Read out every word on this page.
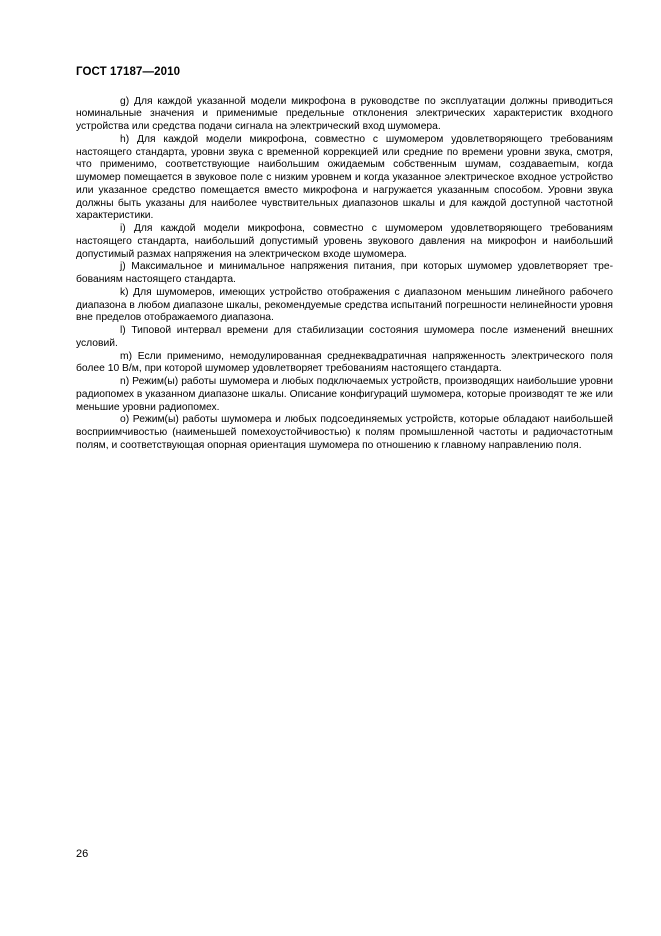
ГОСТ 17187—2010

g) Для каждой указанной модели микрофона в руководстве по эксплуатации должны приводиться номинальные значения и применимые предельные отклонения электрических характеристик входного устройства или средства подачи сигнала на электрический вход шумомера.

h) Для каждой модели микрофона, совместно с шумомером удовлетворяющего требованиям настоящего стандарта, уровни звука с временной коррекцией или средние по времени уровни звука, смотря, что применимо, соответствующие наибольшим ожидаемым собственным шумам, создаваеmым, когда шумомер помещается в звуковое поле с низким уровнем и когда указанное электрическое входное устройство или указанное средство помещается вместо микрофона и нагружается указанным способом. Уровни звука должны быть указаны для наиболее чувствительных диапазонов шкалы и для каждой доступной частотной характеристики.

i) Для каждой модели микрофона, совместно с шумомером удовлетворяющего требованиям настоящего стандарта, наибольший допустимый уровень звукового давления на микрофон и наибольший допустимый размах напряжения на электрическом входе шумомера.

j) Максимальное и минимальное напряжения питания, при которых шумомер удовлетворяет требованиям настоящего стандарта.

k) Для шумомеров, имеющих устройство отображения с диапазоном меньшим линейного рабочего диапазона в любом диапазоне шкалы, рекомендуемые средства испытаний погрешности нелинейности уровня вне пределов отображаемого диапазона.

l) Типовой интервал времени для стабилизации состояния шумомера после изменений внешних условий.

m) Если применимо, немодулированная среднеквадратичная напряженность электрического поля более 10 В/м, при которой шумомер удовлетворяет требованиям настоящего стандарта.

n) Режим(ы) работы шумомера и любых подключаемых устройств, производящих наибольшие уровни радиопомех в указанном диапазоне шкалы. Описание конфигураций шумомера, которые производят те же или меньшие уровни радиопомех.

o) Режим(ы) работы шумомера и любых подсоединяемых устройств, которые обладают наибольшей восприимчивостью (наименьшей помехоустойчивостью) к полям промышленной частоты и радиочастотным полям, и соответствующая опорная ориентация шумомера по отношению к главному направлению поля.

26
